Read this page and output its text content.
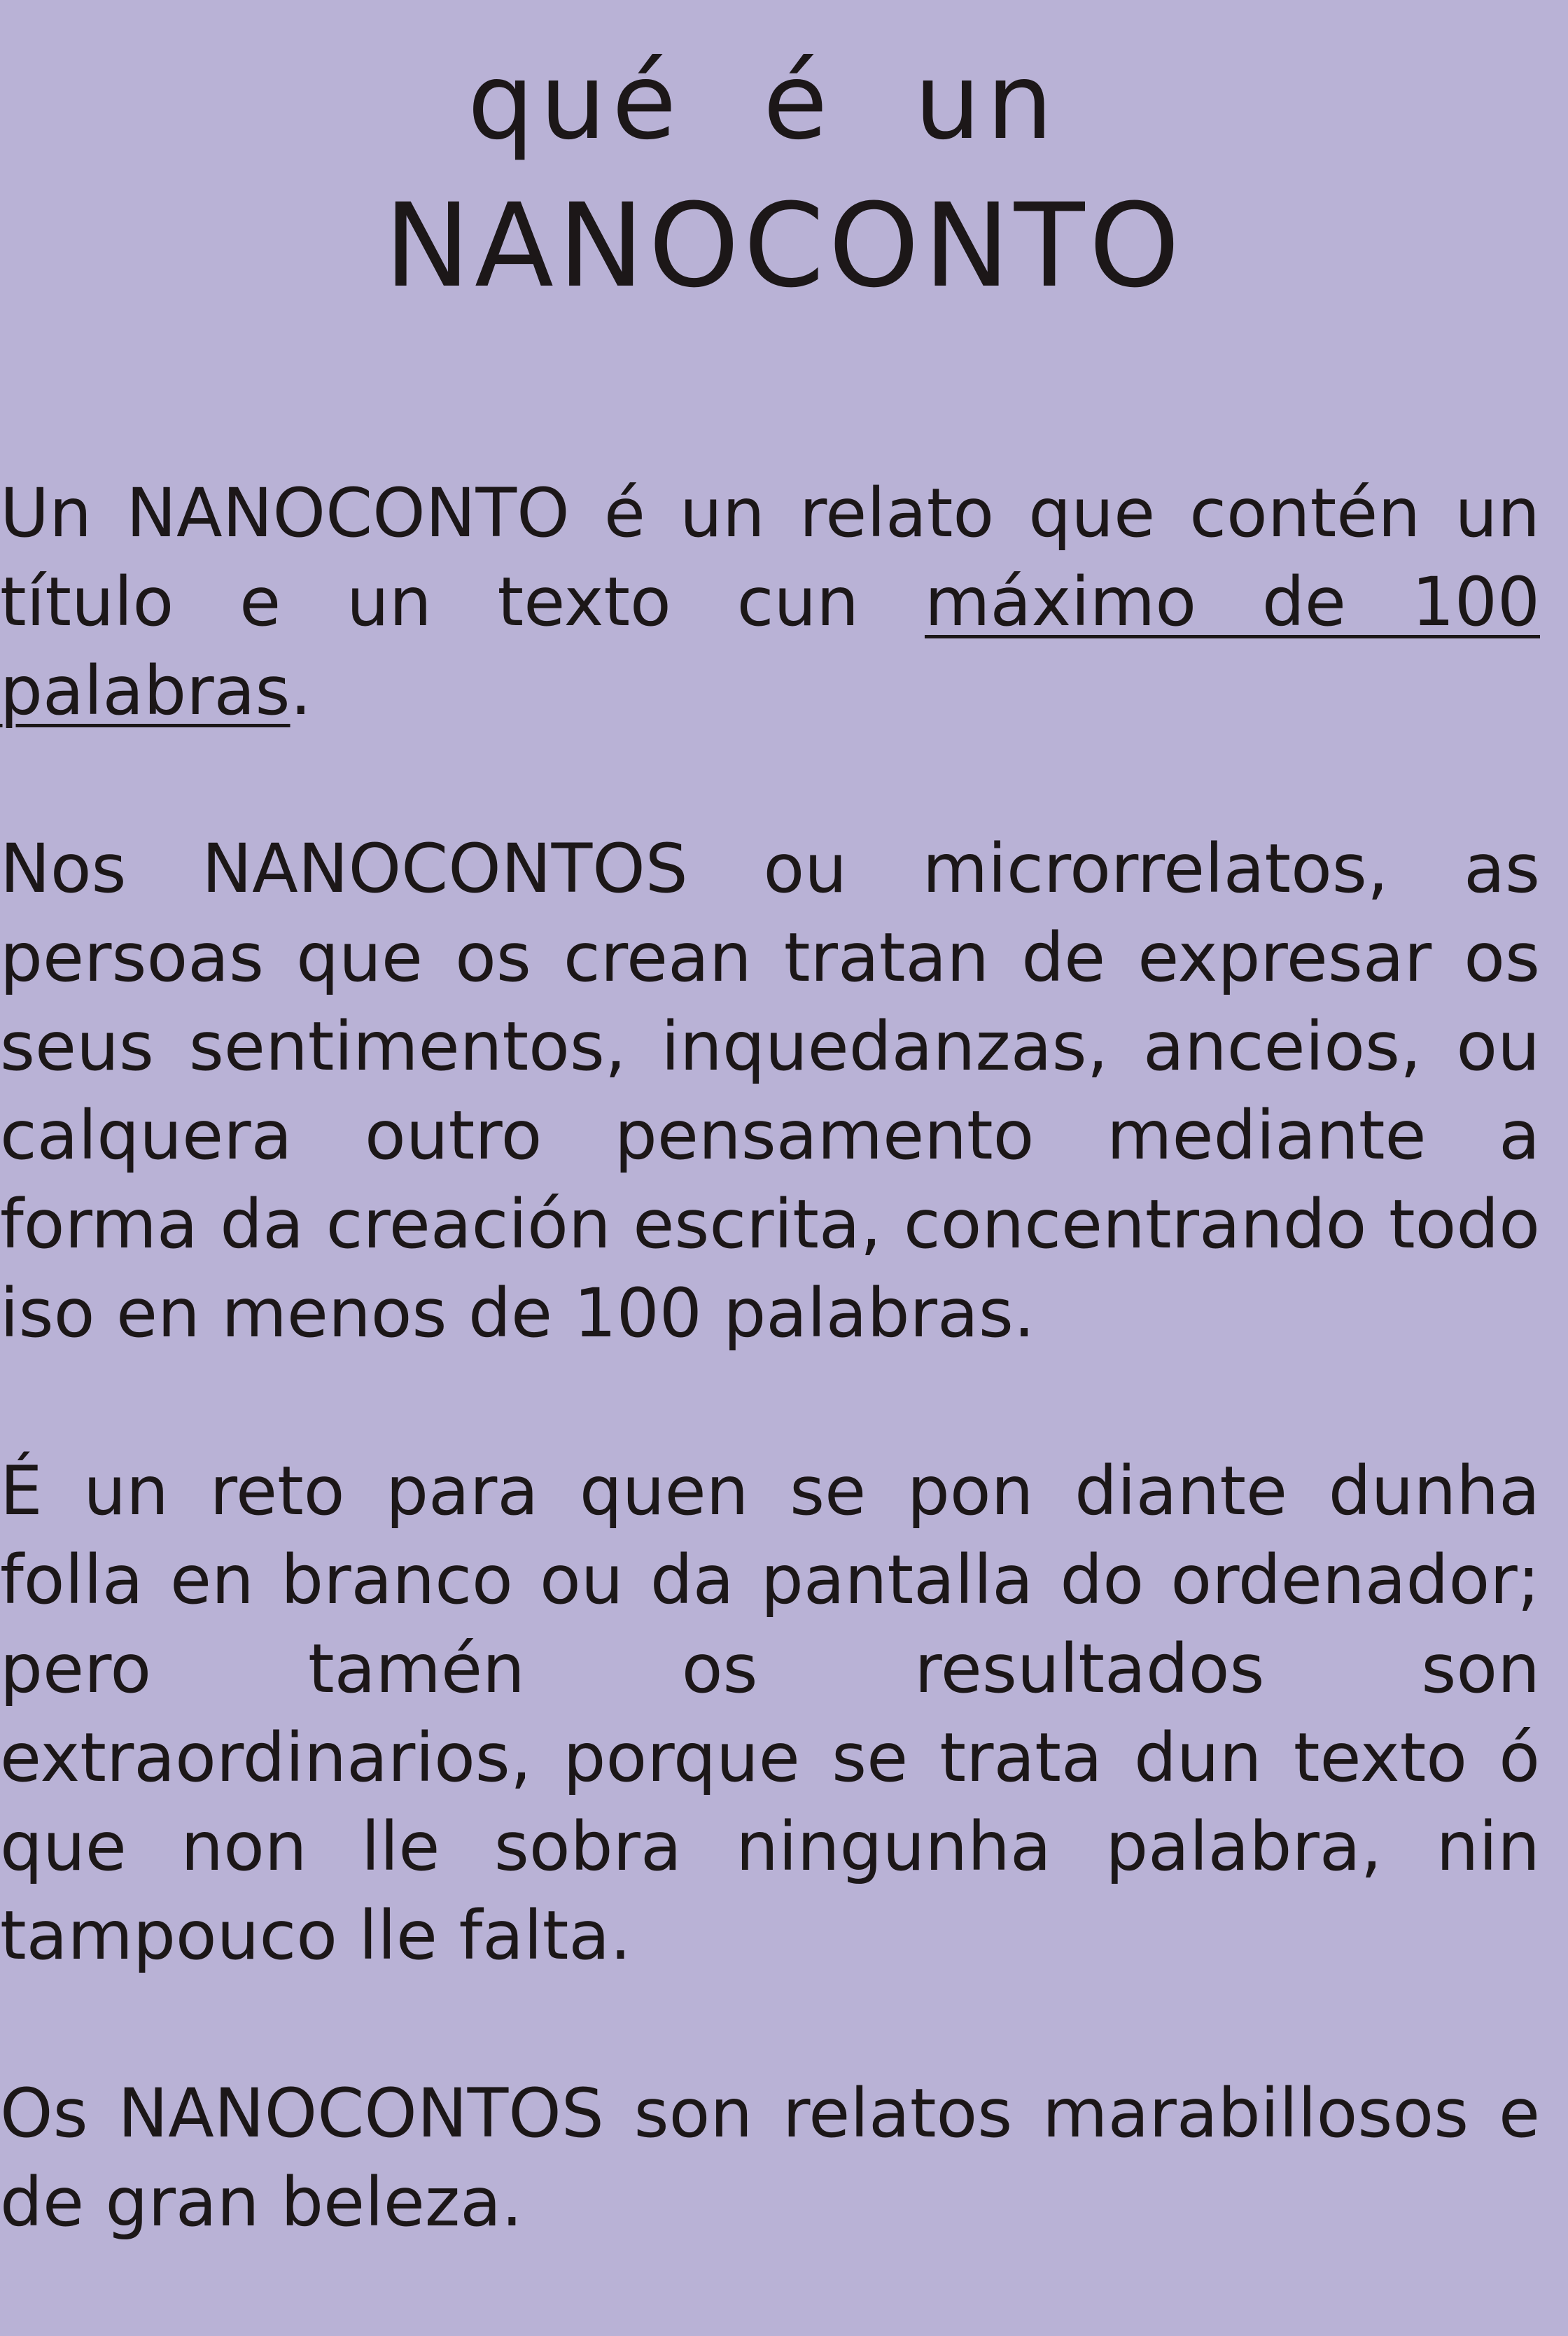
qué é un
NANOCONTO

Un NANOCONTO é un relato que contén un título e un texto cun máximo de 100 palabras.

Nos NANOCONTOS ou microrrelatos, as persoas que os crean tratan de expresar os seus sentimentos, inquedanzas, anceios, ou calquera outro pensamento mediante a forma da creación escrita, concentrando todo iso en menos de 100 palabras.

É un reto para quen se pon diante dunha folla en branco ou da pantalla do ordenador; pero tamén os resultados son extraordinarios, porque se trata dun texto ó que non lle sobra ningunha palabra, nin tampouco lle falta.

Os NANOCONTOS son relatos marabillosos e de gran beleza.
